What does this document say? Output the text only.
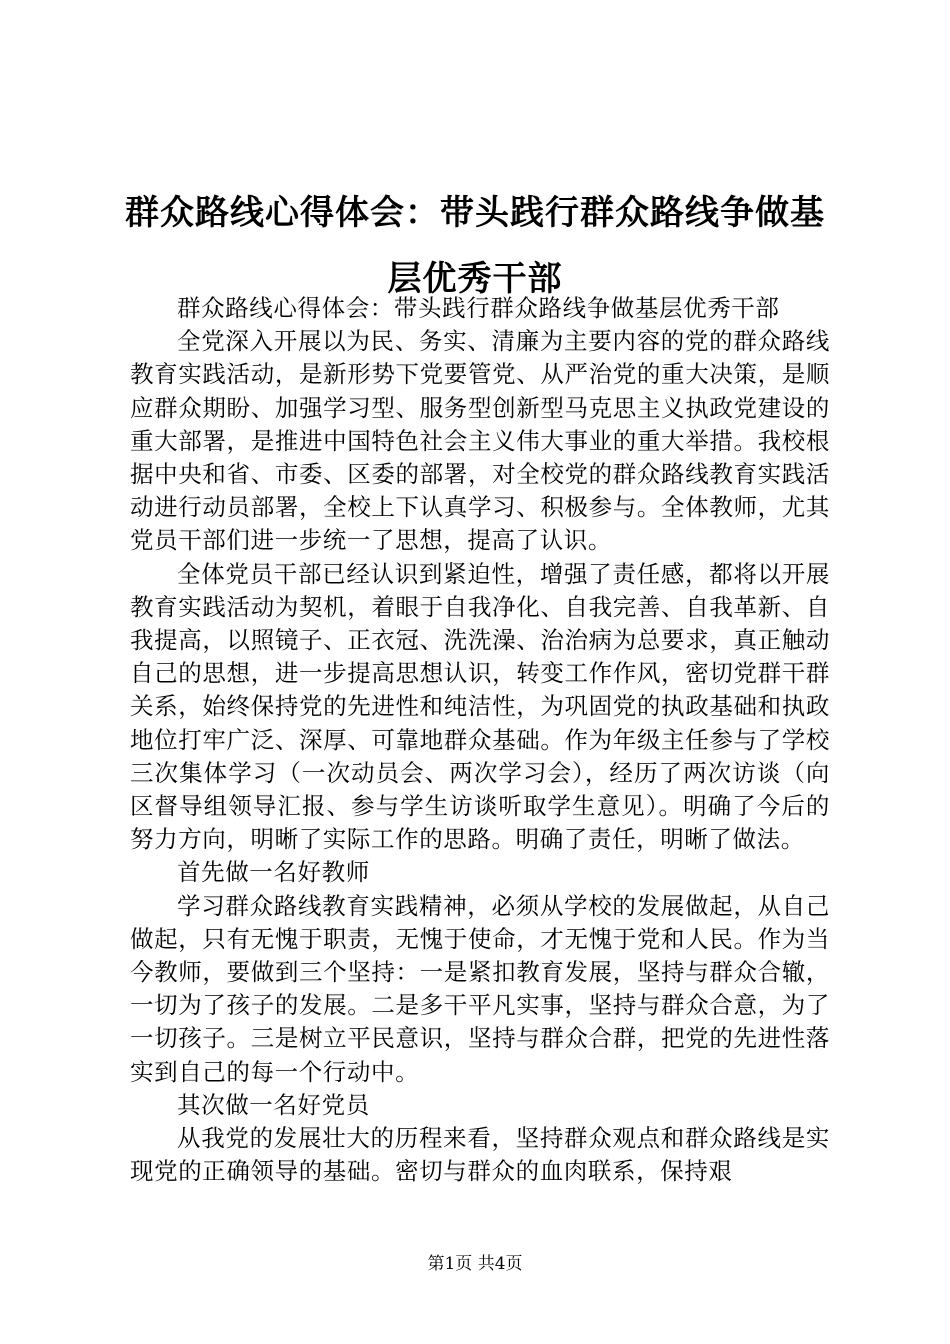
群众路线心得体会：带头践行群众路线争做基层优秀干部

群众路线心得体会：带头践行群众路线争做基层优秀干部

全党深入开展以为民、务实、清廉为主要内容的党的群众路线教育实践活动，是新形势下党要管党、从严治党的重大决策，是顺应群众期盼、加强学习型、服务型创新型马克思主义执政党建设的重大部署，是推进中国特色社会主义伟大事业的重大举措。我校根据中央和省、市委、区委的部署，对全校党的群众路线教育实践活动进行动员部署，全校上下认真学习、积极参与。全体教师，尤其党员干部们进一步统一了思想，提高了认识。

全体党员干部已经认识到紧迫性，增强了责任感，都将以开展教育实践活动为契机，着眼于自我净化、自我完善、自我革新、自我提高，以照镜子、正衣冠、洗洗澡、治治病为总要求，真正触动自己的思想，进一步提高思想认识，转变工作作风，密切党群干群关系，始终保持党的先进性和纯洁性，为巩固党的执政基础和执政地位打牢广泛、深厚、可靠地群众基础。作为年级主任参与了学校三次集体学习（一次动员会、两次学习会），经历了两次访谈（向区督导组领导汇报、参与学生访谈听取学生意见）。明确了今后的努力方向，明晰了实际工作的思路。明确了责任，明晰了做法。

首先做一名好教师

学习群众路线教育实践精神，必须从学校的发展做起，从自己做起，只有无愧于职责，无愧于使命，才无愧于党和人民。作为当今教师，要做到三个坚持：一是紧扣教育发展，坚持与群众合辙，一切为了孩子的发展。二是多干平凡实事，坚持与群众合意，为了一切孩子。三是树立平民意识，坚持与群众合群，把党的先进性落实到自己的每一个行动中。

其次做一名好党员

从我党的发展壮大的历程来看，坚持群众观点和群众路线是实现党的正确领导的基础。密切与群众的血肉联系，保持艰

第1页 共4页
